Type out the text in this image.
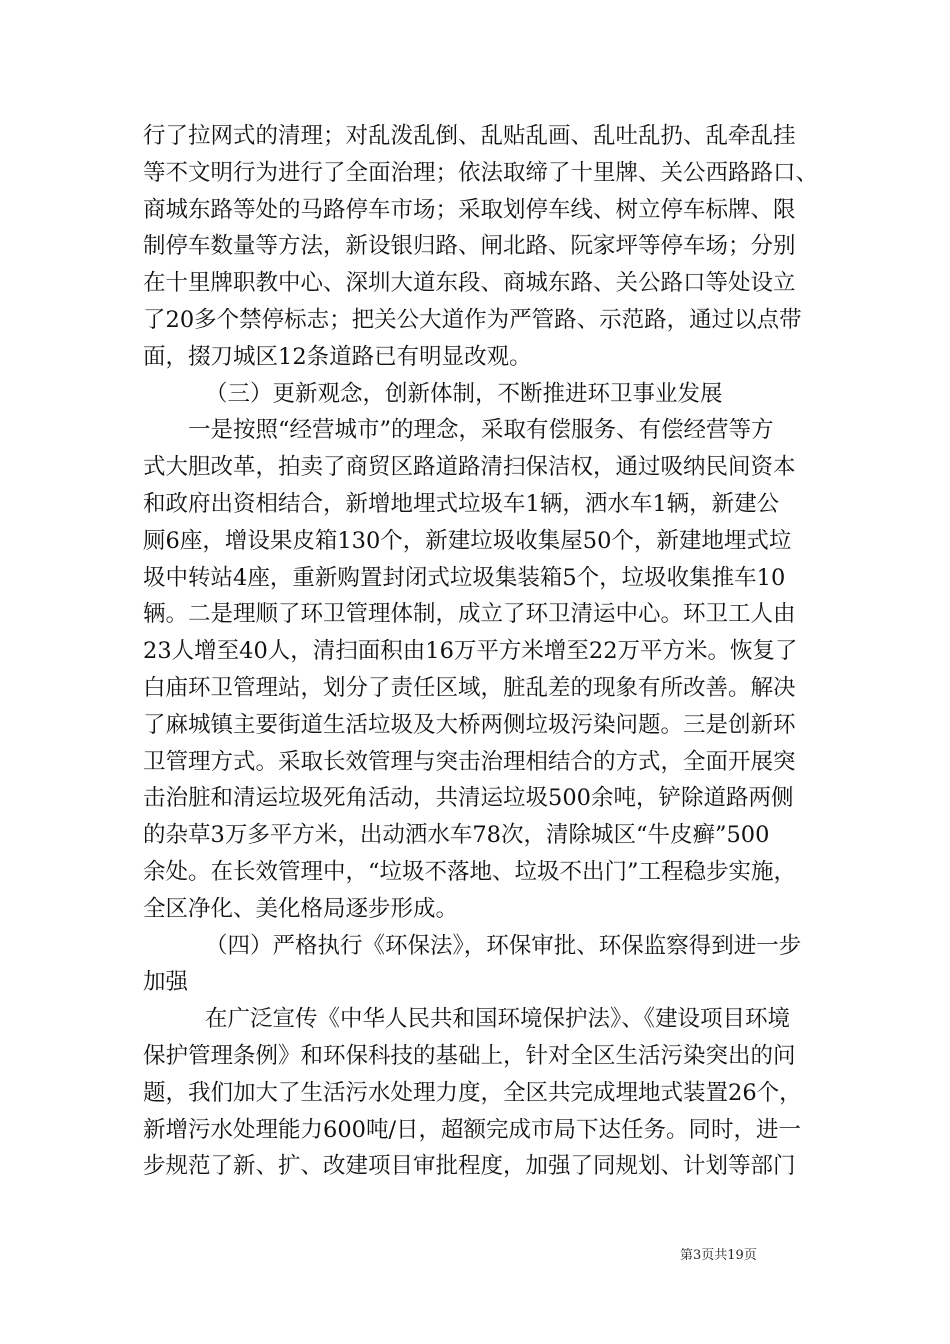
行了拉网式的清理；对乱泼乱倒、乱贴乱画、乱吐乱扔、乱牵乱挂
等不文明行为进行了全面治理；依法取缔了十里牌、关公西路路口、
商城东路等处的马路停车市场；采取划停车线、树立停车标牌、限
制停车数量等方法，新设银归路、闸北路、阮家坪等停车场；分别
在十里牌职教中心、深圳大道东段、商城东路、关公路口等处设立
了20多个禁停标志；把关公大道作为严管路、示范路，通过以点带
面，掇刀城区12条道路已有明显改观。
（三）更新观念，创新体制，不断推进环卫事业发展
一是按照“经营城市”的理念，采取有偿服务、有偿经营等方
式大胆改革，拍卖了商贸区路道路清扫保洁权，通过吸纳民间资本
和政府出资相结合，新增地埋式垃圾车1辆，洒水车1辆，新建公
厕6座，增设果皮箱130个，新建垃圾收集屋50个，新建地埋式垃
圾中转站4座，重新购置封闭式垃圾集装箱5个，垃圾收集推车10
辆。二是理顺了环卫管理体制，成立了环卫清运中心。环卫工人由
23人增至40人，清扫面积由16万平方米增至22万平方米。恢复了
白庙环卫管理站，划分了责任区域，脏乱差的现象有所改善。解决
了麻城镇主要街道生活垃圾及大桥两侧垃圾污染问题。三是创新环
卫管理方式。采取长效管理与突击治理相结合的方式，全面开展突
击治脏和清运垃圾死角活动，共清运垃圾500余吨，铲除道路两侧
的杂草3万多平方米，出动洒水车78次，清除城区“牛皮癣”500
余处。在长效管理中，“垃圾不落地、垃圾不出门”工程稳步实施，
全区净化、美化格局逐步形成。
（四）严格执行《环保法》，环保审批、环保监察得到进一步
加强
在广泛宣传《中华人民共和国环境保护法》、《建设项目环境
保护管理条例》和环保科技的基础上，针对全区生活污染突出的问
题，我们加大了生活污水处理力度，全区共完成埋地式装置26个，
新增污水处理能力600吨/日，超额完成市局下达任务。同时，进一
步规范了新、扩、改建项目审批程度，加强了同规划、计划等部门
第3页共19页
